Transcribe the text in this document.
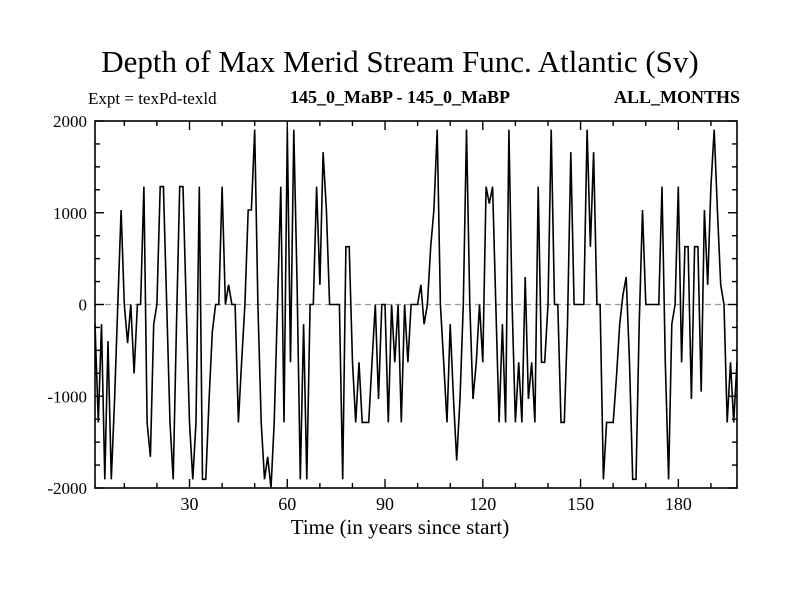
Depth of Max Merid Stream Func. Atlantic (Sv)
Expt = texPd-texld	145_0_MaBP - 145_0_MaBP	ALL_MONTHS
-2000
-1000
0
1000
2000
30	60	90	120	150	180
Time (in years since start)
